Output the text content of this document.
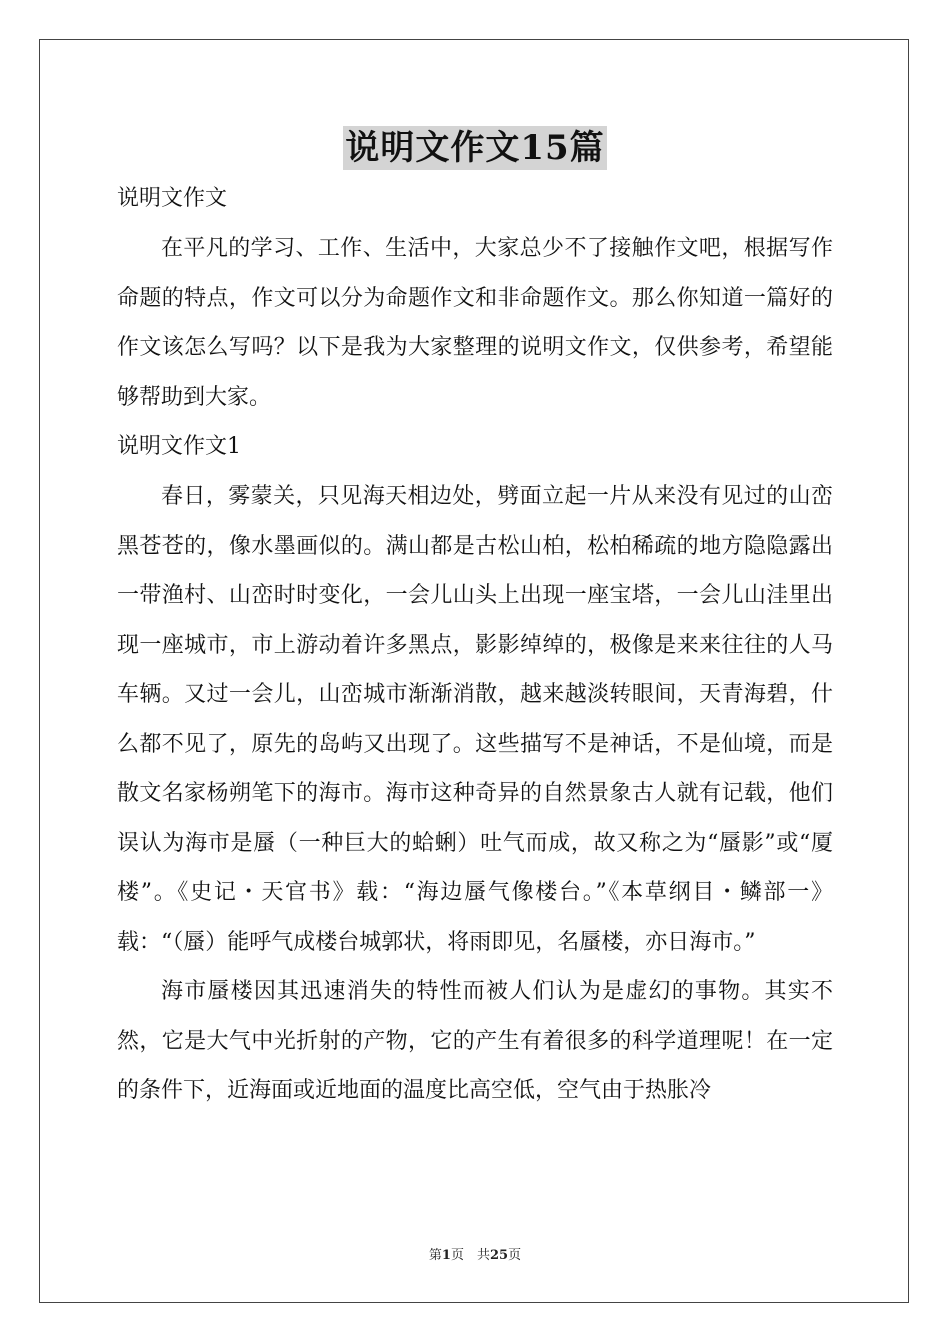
说明文作文15篇

说明文作文

在平凡的学习、工作、生活中，大家总少不了接触作文吧，根据写作命题的特点，作文可以分为命题作文和非命题作文。那么你知道一篇好的作文该怎么写吗？以下是我为大家整理的说明文作文，仅供参考，希望能够帮助到大家。

说明文作文1

春日，雾蒙关，只见海天相边处，劈面立起一片从来没有见过的山峦黑苍苍的，像水墨画似的。满山都是古松山柏，松柏稀疏的地方隐隐露出一带渔村、山峦时时变化，一会儿山头上出现一座宝塔，一会儿山洼里出现一座城市，市上游动着许多黑点，影影绰绰的，极像是来来往往的人马车辆。又过一会儿，山峦城市渐渐消散，越来越淡转眼间，天青海碧，什么都不见了，原先的岛屿又出现了。这些描写不是神话，不是仙境，而是散文名家杨朔笔下的海市。海市这种奇异的自然景象古人就有记载，他们误认为海市是蜃（一种巨大的蛤蜊）吐气而成，故又称之为“蜃影”或“厦楼”。《史记・天官书》载：“海边蜃气像楼台。”《本草纲目・鳞部一》载：“（蜃）能呼气成楼台城郭状，将雨即见，名蜃楼，亦日海市。”

海市蜃楼因其迅速消失的特性而被人们认为是虚幻的事物。其实不然，它是大气中光折射的产物，它的产生有着很多的科学道理呢！在一定的条件下，近海面或近地面的温度比高空低，空气由于热胀冷

第1页　共25页
